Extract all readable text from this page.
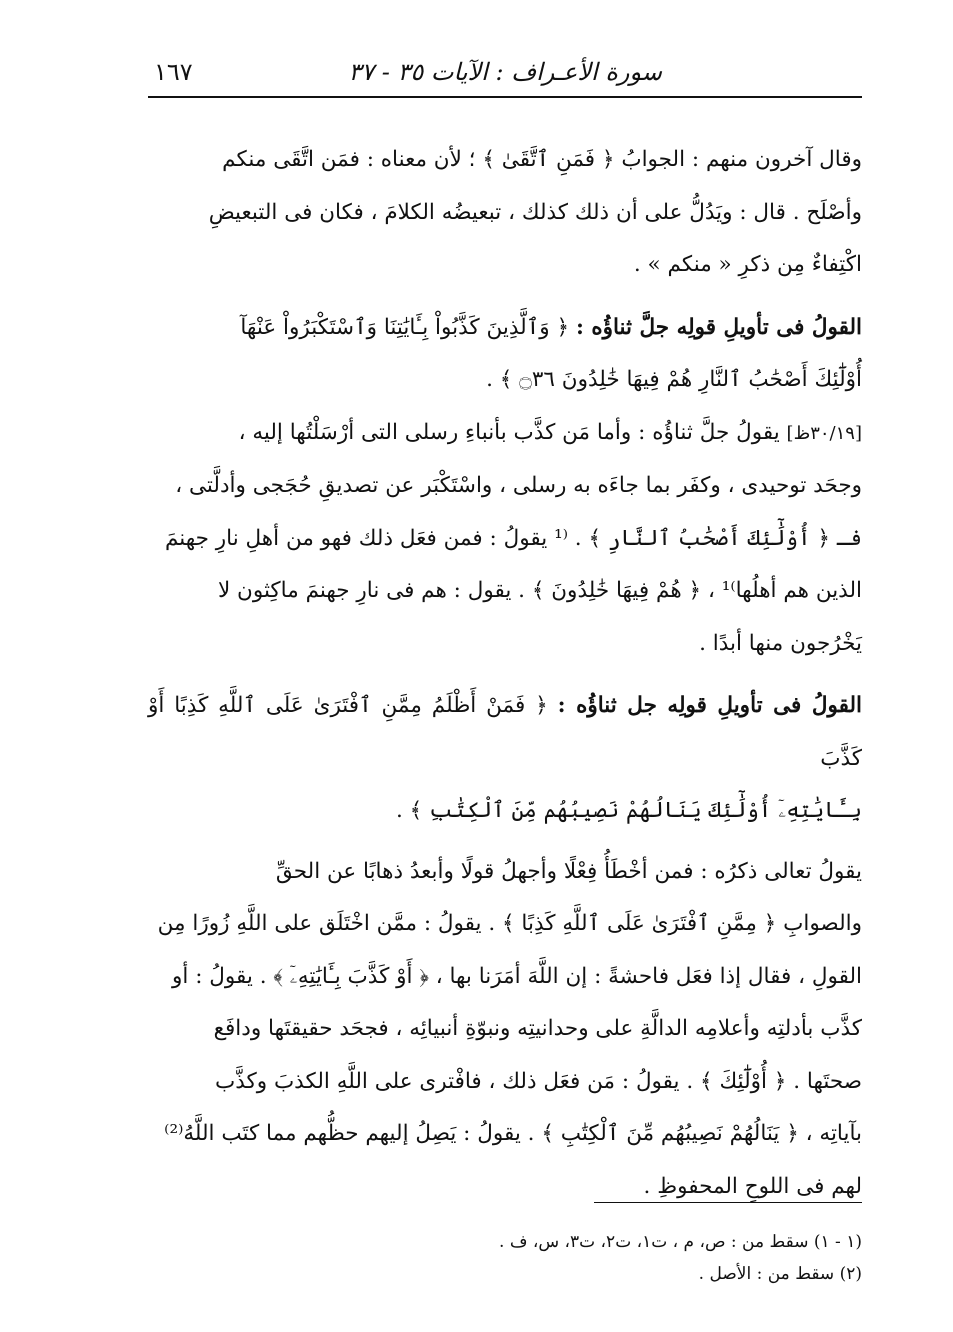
سورة الأعـراف : الآيات ٣٥ - ٣٧
١٦٧

وقال آخرون منهم : الجوابُ ﴿ فَمَنِ ٱتَّقَىٰ ﴾ ؛ لأن معناه : فمَن اتَّقَى منكم
وأصْلَح . قال : ويَدُلُّ على أن ذلك كذلك ، تبعيضُه الكلامَ ، فكان فى التبعيضِ
اكْتِفاءٌ مِن ذكرِ « منكم » .

القولُ فى تأويلِ قولِه جلَّ ثناؤُه : ﴿ وَٱلَّذِينَ كَذَّبُواْ بِـَٔايَٰتِنَا وَٱسْتَكْبَرُواْ عَنْهَآ
أُوْلَٰٓئِكَ أَصْحَٰبُ ٱلنَّارِ هُمْ فِيهَا خَٰلِدُونَ ۝٣٦ ﴾ .

[٣٠/١٩ظ] يقولُ جلَّ ثناؤُه : وأما مَن كذَّب بأنباءِ رسلى التى أرْسَلْتُها إليه ،
وجحَد توحيدى ، وكفَر بما جاءَه به رسلى ، واسْتَكْبَر عن تصديقِ حُجَجى وأدلَّتى ،
فـ ﴿ أُوْلَٰٓئِكَ أَصْحَٰبُ ٱلنَّارِ ﴾ . ⁽¹ يقولُ : فمن فعَل ذلك فهو من أهلِ نارِ جهنمَ
الذين هم أهلُها⁾¹ ، ﴿ هُمْ فِيهَا خَٰلِدُونَ ﴾ . يقول : هم فى نارِ جهنمَ ماكِثون لا
يَخْرُجون منها أبدًا .

القولُ فى تأويلِ قولِه جل ثناؤُه : ﴿ فَمَنْ أَظْلَمُ مِمَّنِ ٱفْتَرَىٰ عَلَى ٱللَّهِ كَذِبًا أَوْ كَذَّبَ
بِـَٔايَٰتِهِۦٓ أُوْلَٰٓئِكَ يَنَالُهُمْ نَصِيبُهُم مِّنَ ٱلْكِتَٰبِ ﴾ .

يقولُ تعالى ذكرُه : فمن أخْطَأُ فِعْلًا وأجهلُ قولًا وأبعدُ ذهابًا عن الحقِّ
والصوابِ ﴿ مِمَّنِ ٱفْتَرَىٰ عَلَى ٱللَّهِ كَذِبًا ﴾ . يقولُ : ممَّن اخْتَلَق على اللَّهِ زُورًا مِن
القولِ ، فقال إذا فعَل فاحشةً : إن اللَّهَ أمَرَنا بها ، ﴿ أَوْ كَذَّبَ بِـَٔايَٰتِهِۦٓ ﴾ . يقولُ : أو
كذَّب بأدلتِه وأعلامِه الدالَّةِ على وحدانيتِه ونبوّةِ أنبيائِه ، فجحَد حقيقتَها ودافَع
صحتَها . ﴿ أُوْلَٰٓئِكَ ﴾ . يقولُ : مَن فعَل ذلك ، فافْترى على اللَّهِ الكذبَ وكذَّب
بآياتِه ، ﴿ يَنَالُهُمْ نَصِيبُهُم مِّنَ ٱلْكِتَٰبِ ﴾ . يقولُ : يَصِلُ إليهم حظُّهم مما كتَب اللَّهُ⁽²⁾
لهم فى اللوحِ المحفوظِ .

(١ - ١) سقط من : ص، م ، ت١، ت٢، ت٣، س، ف .

(٢) سقط من : الأصل .
